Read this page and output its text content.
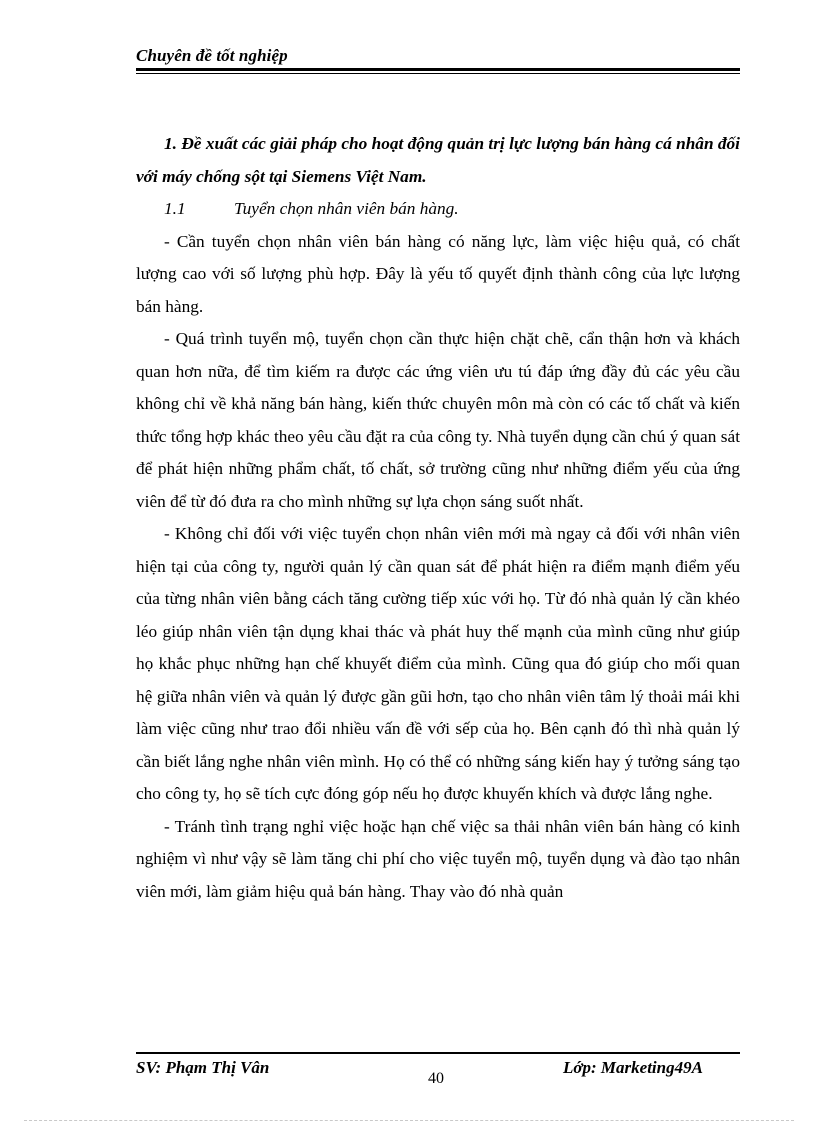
Chuyên đề tốt nghiệp

1. Đề xuất các giải pháp cho hoạt động quản trị lực lượng bán hàng cá nhân đối với máy chống sột tại Siemens Việt Nam.

1.1	Tuyển chọn nhân viên bán hàng.

- Cần tuyển chọn nhân viên bán hàng có năng lực, làm việc hiệu quả, có chất lượng cao với số lượng phù hợp. Đây là yếu tố quyết định thành công của lực lượng bán hàng.

- Quá trình tuyển mộ, tuyển chọn cần thực hiện chặt chẽ, cẩn thận hơn và khách quan hơn nữa, để tìm kiếm ra được các ứng viên ưu tú đáp ứng đầy đủ các yêu cầu không chỉ về khả năng bán hàng, kiến thức chuyên môn mà còn có các tố chất và kiến thức tổng hợp khác theo yêu cầu đặt ra của công ty. Nhà tuyển dụng cần chú ý quan sát để phát hiện những phẩm chất, tố chất, sở trường cũng như những điểm yếu của ứng viên để từ đó đưa ra cho mình những sự lựa chọn sáng suốt nhất.

- Không chỉ đối với việc tuyển chọn nhân viên mới mà ngay cả đối với nhân viên hiện tại của công ty, người quản lý cần quan sát để phát hiện ra điểm mạnh điểm yếu của từng nhân viên bằng cách tăng cường tiếp xúc với họ. Từ đó nhà quản lý cần khéo léo giúp nhân viên tận dụng khai thác và phát huy thế mạnh của mình cũng như giúp họ khắc phục những hạn chế khuyết điểm của mình. Cũng qua đó giúp cho mối quan hệ giữa nhân viên và quản lý được gần gũi hơn, tạo cho nhân viên tâm lý thoải mái khi làm việc cũng như trao đổi nhiều vấn đề với sếp của họ. Bên cạnh đó thì nhà quản lý cần biết lắng nghe nhân viên mình. Họ có thể có những sáng kiến hay ý tưởng sáng tạo cho công ty, họ sẽ tích cực đóng góp nếu họ được khuyến khích và được lắng nghe.

- Tránh tình trạng nghỉ việc hoặc hạn chế việc sa thải nhân viên bán hàng có kinh nghiệm vì như vậy sẽ làm tăng chi phí cho việc tuyển mộ, tuyển dụng và đào tạo nhân viên mới, làm giảm hiệu quả bán hàng. Thay vào đó nhà quản

SV: Phạm Thị Vân	Lớp: Marketing49A
40
